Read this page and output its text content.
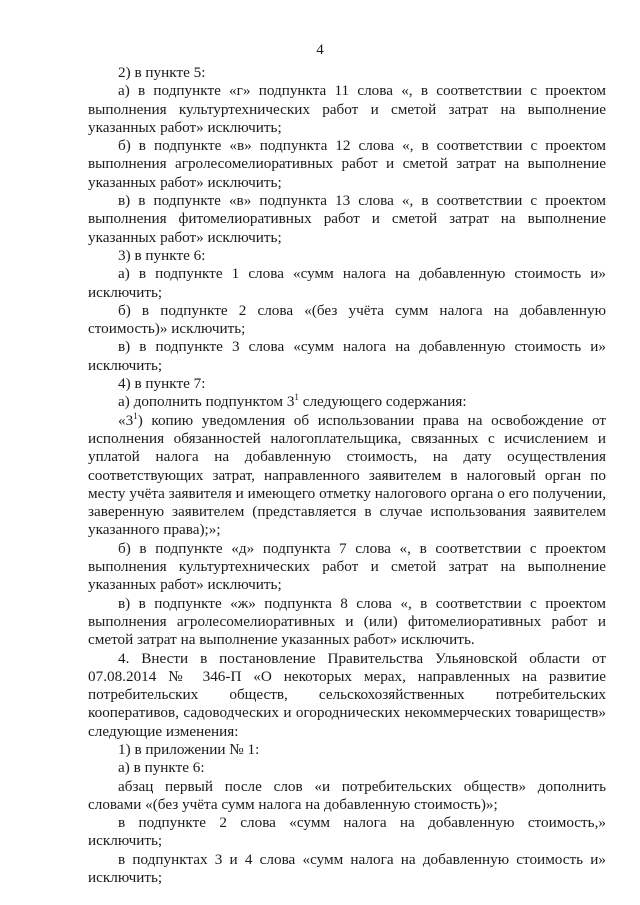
4

2) в пункте 5:

а) в подпункте «г» подпункта 11 слова «, в соответствии с проектом выполнения культуртехнических работ и сметой затрат на выполнение указанных работ» исключить;

б) в подпункте «в» подпункта 12 слова «, в соответствии с проектом выполнения агролесомелиоративных работ и сметой затрат на выполнение указанных работ» исключить;

в) в подпункте «в» подпункта 13 слова «, в соответствии с проектом выполнения фитомелиоративных работ и сметой затрат на выполнение указанных работ» исключить;

3) в пункте 6:

а) в подпункте 1 слова «сумм налога на добавленную стоимость и» исключить;

б) в подпункте 2 слова «(без учёта сумм налога на добавленную стоимость)» исключить;

в) в подпункте 3 слова «сумм налога на добавленную стоимость и» исключить;

4) в пункте 7:

а) дополнить подпунктом $3^1$ следующего содержания:

«$3^1$) копию уведомления об использовании права на освобождение от исполнения обязанностей налогоплательщика, связанных с исчислением и уплатой налога на добавленную стоимость, на дату осуществления соответствующих затрат, направленного заявителем в налоговый орган по месту учёта заявителя и имеющего отметку налогового органа о его получении, заверенную заявителем (представляется в случае использования заявителем указанного права);»;

б) в подпункте «д» подпункта 7 слова «, в соответствии с проектом выполнения культуртехнических работ и сметой затрат на выполнение указанных работ» исключить;

в) в подпункте «ж» подпункта 8 слова «, в соответствии с проектом выполнения агролесомелиоративных и (или) фитомелиоративных работ и сметой затрат на выполнение указанных работ» исключить.

4. Внести в постановление Правительства Ульяновской области от 07.08.2014 № 346-П «О некоторых мерах, направленных на развитие потребительских обществ, сельскохозяйственных потребительских кооперативов, садоводческих и огороднических некоммерческих товариществ» следующие изменения:

1) в приложении № 1:

а) в пункте 6:

абзац первый после слов «и потребительских обществ» дополнить словами «(без учёта сумм налога на добавленную стоимость)»;

в подпункте 2 слова «сумм налога на добавленную стоимость,» исключить;

в подпунктах 3 и 4 слова «сумм налога на добавленную стоимость и» исключить;
